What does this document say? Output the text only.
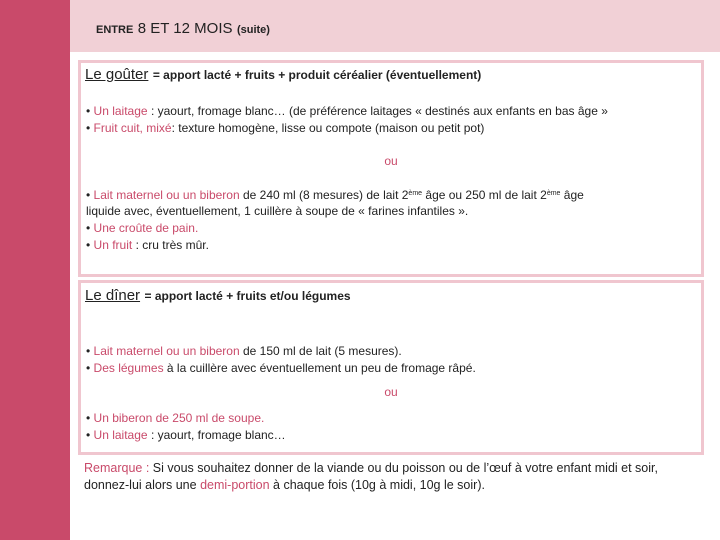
ENTRE 8 ET 12 MOIS (suite)
Le goûter = apport lacté + fruits + produit céréalier (éventuellement)
• Un laitage : yaourt, fromage blanc… (de préférence laitages « destinés aux enfants en bas âge »
• Fruit cuit, mixé: texture homogène, lisse ou compote (maison ou petit pot)
ou
• Lait maternel ou un biberon de 240 ml (8 mesures) de lait 2ème âge ou 250 ml de lait 2ème âge
liquide avec, éventuellement, 1 cuillère à soupe de « farines infantiles ».
• Une croûte de pain.
• Un fruit : cru très mûr.
Le dîner = apport lacté + fruits et/ou légumes
• Lait maternel ou un biberon de 150 ml de lait (5 mesures).
• Des légumes à la cuillère avec éventuellement un peu de fromage râpé.
ou
• Un biberon de 250 ml de soupe.
• Un laitage : yaourt, fromage blanc…
Remarque : Si vous souhaitez donner de la viande ou du poisson ou de l’œuf à votre enfant midi et soir, donnez-lui alors une demi-portion à chaque fois (10g à midi, 10g le soir).
